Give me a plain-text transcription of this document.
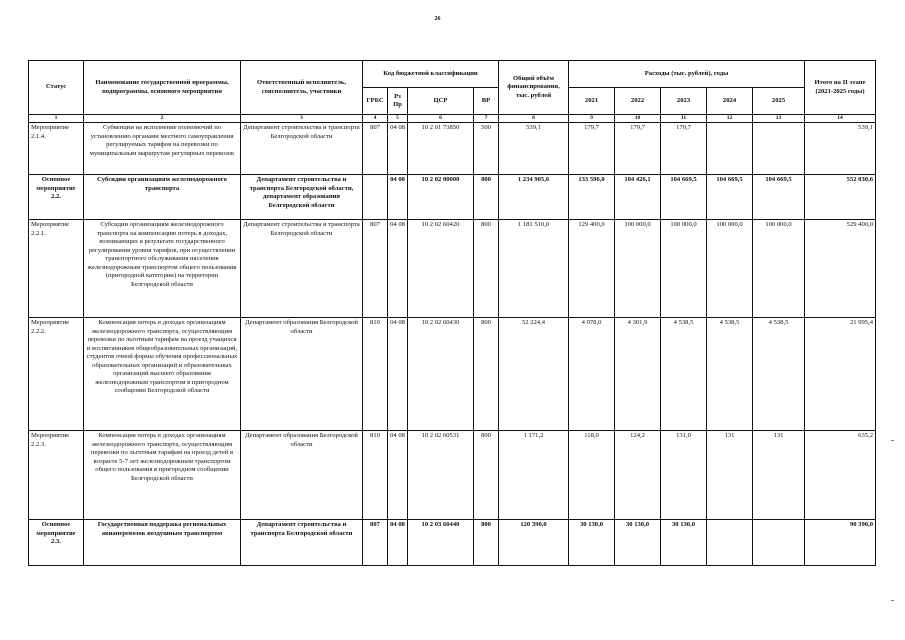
26
Статус	Наименование государственной программы, подпрограммы, основного мероприятия	Ответственный исполнитель, соисполнитель, участники	Код бюджетной классификации				Общий объём финансирования, тыс. рублей	Расходы (тыс. рублей), годы					Итого на II этапе (2021-2025 годы)
			ГРБС	Рз Пр	ЦСР	ВР		2021	2022	2023	2024	2025	
1	2	3	4	5	6	7	8	9	10	11	12	13	14
Мероприятие 2.1.4.	Субвенции на исполнение полномочий по установлению органами местного самоуправления регулируемых тарифов на перевозки по муниципальным маршрутам регулярных перевозок	Департамент строительства и транспорта Белгородской области	807	04 08	10 2 01 73850	500	539,1	179,7	179,7	179,7			539,1
Основное мероприятие 2.2.	Субсидии организациям железнодорожного транспорта	Департамент строительства и транспорта Белгородской области, департамент образования Белгородской области		04 08	10 2 02 00000	800	1 234 905,6	133 596,0	104 426,1	104 669,5	104 669,5	104 669,5	552 030,6
Мероприятие 2.2.1.	Субсидии организациям железнодорожного транспорта на компенсацию потерь в доходах, возникающих в результате государственного регулирования уровня тарифов, при осуществлении транспортного обслуживания населения железнодорожным транспортом общего пользования (пригородной категории) на территории Белгородской области	Департамент строительства и транспорта Белгородской области	807	04 08	10 2 02 60420	800	1 181 510,0	129 400,0	100 000,0	100 000,0	100 000,0	100 000,0	529 400,0
Мероприятие 2.2.2.	Компенсация потерь в доходах организациям железнодорожного транспорта, осуществляющим перевозки по льготным тарифам на проезд учащихся и воспитанников общеобразовательных организаций, студентов очной формы обучения профессиональных образовательных организаций и образовательных организаций высшего образования железнодорожным транспортом в пригородном сообщении Белгородской области	Департамент образования Белгородской области	810	04 08	10 2 02 60430	800	52 224,4	4 078,0	4 301,9	4 538,5	4 538,5	4 538,5	21 995,4
Мероприятие 2.2.3.	Компенсация потерь в доходах организациям железнодорожного транспорта, осуществляющим перевозки по льготным тарифам на проезд детей в возрасте 5-7 лет железнодорожным транспортом общего пользования в пригородном сообщении Белгородской области	Департамент образования Белгородской области	810	04 08	10 2 02 60531	800	1 171,2	118,0	124,2	131,0	131	131	635,2
Основное мероприятие 2.3.	Государственная поддержка региональных авиаперевозок воздушным транспортом	Департамент строительства и транспорта Белгородской области	807	04 08	10 2 03 60440	800	120 390,0	30 130,0	30 130,0	30 130,0			90 390,0
